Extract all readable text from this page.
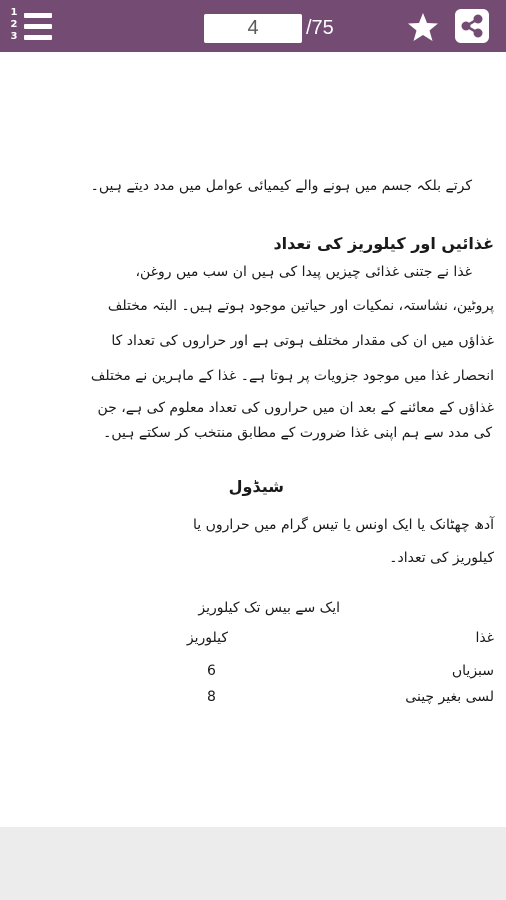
1
2
3	4	/75
کرتے بلکہ جسم میں ہونے والے کیمیائی عوامل میں مدد دیتے ہیں۔
غذائیں اور کیلوریز کی تعداد
غذا نے جتنی غذائی چیزیں پیدا کی ہیں ان سب میں روغن،
پروٹین، نشاستہ، نمکیات اور حیاتین موجود ہوتے ہیں۔ البتہ مختلف
غذاؤں میں ان کی مقدار مختلف ہوتی ہے اور حراروں کی تعداد کا
انحصار غذا میں موجود جزویات پر ہوتا ہے۔ غذا کے ماہرین نے مختلف
غذاؤں کے معائنے کے بعد ان میں حراروں کی تعداد معلوم کی ہے، جن
کی مدد سے ہم اپنی غذا ضرورت کے مطابق منتخب کر سکتے ہیں۔
شیڈول
آدھ چھٹانک یا ایک اونس یا تیس گرام میں حراروں یا
کیلوریز کی تعداد۔
ایک سے بیس تک کیلوریز
غذا
کیلوریز
سبزیاں
6
لسی بغیر چینی
8
